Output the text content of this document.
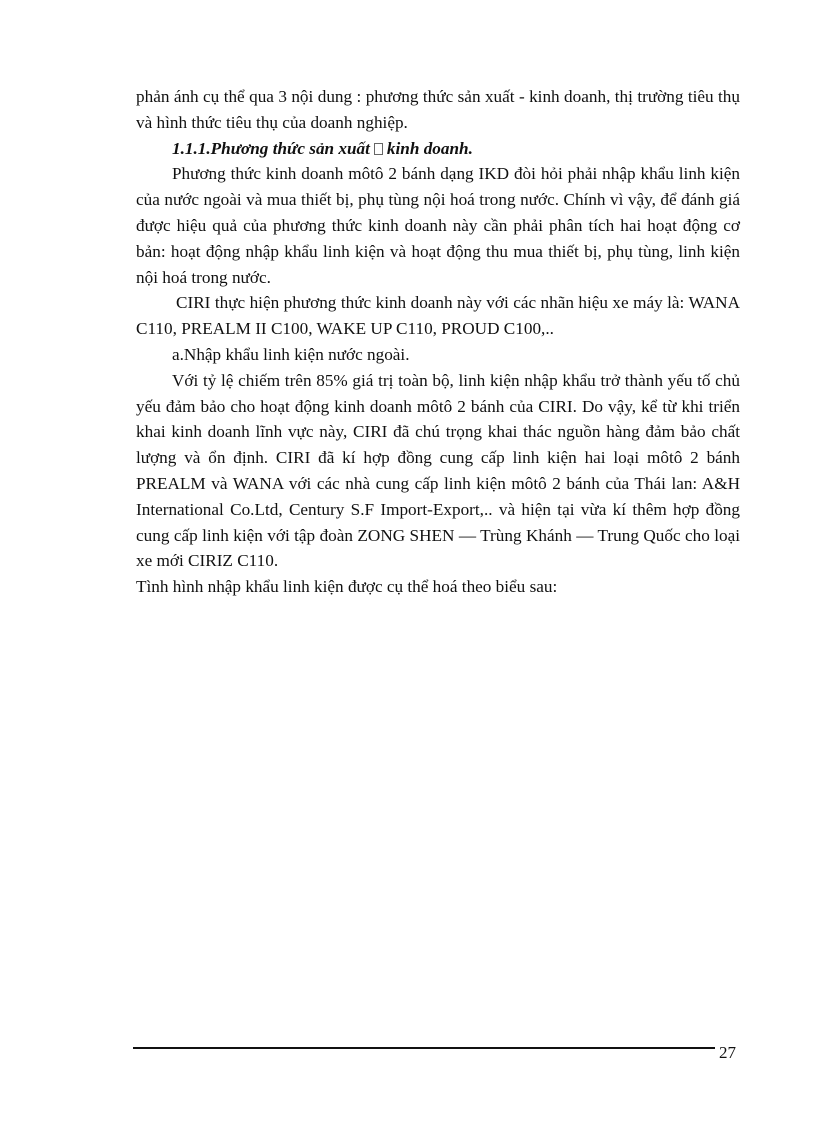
phản ánh cụ thể qua 3 nội dung : phương thức sản xuất - kinh doanh, thị trường tiêu thụ và hình thức tiêu thụ của doanh nghiệp.

1.1.1.Phương thức sản xuất kinh doanh.

Phương thức kinh doanh môtô 2 bánh dạng IKD đòi hỏi phải nhập khẩu linh kiện của nước ngoài và mua thiết bị, phụ tùng nội hoá trong nước. Chính vì vậy, để đánh giá được hiệu quả của phương thức kinh doanh này cần phải phân tích hai hoạt động cơ bản: hoạt động nhập khẩu linh kiện và hoạt động thu mua thiết bị, phụ tùng, linh kiện nội hoá trong nước.

CIRI thực hiện phương thức kinh doanh này với các nhãn hiệu xe máy là: WANA C110, PREALM II C100, WAKE UP C110, PROUD C100,..

a.Nhập khẩu linh kiện nước ngoài.

Với tỷ lệ chiếm trên 85% giá trị toàn bộ, linh kiện nhập khẩu trở thành yếu tố chủ yếu đảm bảo cho hoạt động kinh doanh môtô 2 bánh của CIRI. Do vậy, kể từ khi triển khai kinh doanh lĩnh vực này, CIRI đã chú trọng khai thác nguồn hàng đảm bảo chất lượng và ổn định. CIRI đã kí hợp đồng cung cấp linh kiện hai loại môtô 2 bánh PREALM và WANA với các nhà cung cấp linh kiện môtô 2 bánh của Thái lan: A&H International Co.Ltd, Century S.F Import-Export,.. và hiện tại vừa kí thêm hợp đồng cung cấp linh kiện với tập đoàn ZONG SHEN — Trùng Khánh — Trung Quốc cho loại xe mới CIRIZ C110.

Tình hình nhập khẩu linh kiện được cụ thể hoá theo biểu sau:

27
